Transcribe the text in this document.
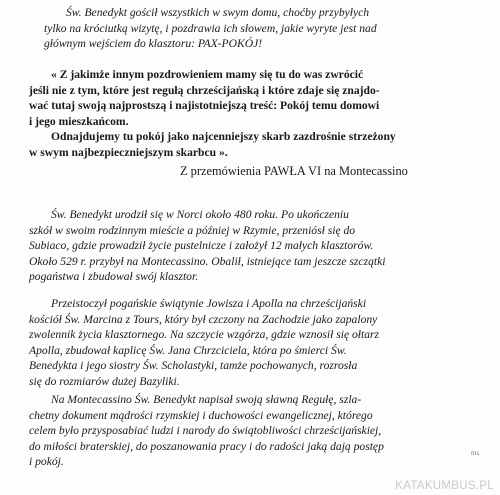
Św. Benedykt gościł wszystkich w swym domu, choćby przybyłych
tylko na króciutką wizytę, i pozdrawia ich słowem, jakie wyryte jest nad
głównym wejściem do klasztoru: PAX-POKÓJ!

« Z jakimże innym pozdrowieniem mamy się tu do was zwrócić
jeśli nie z tym, które jest regułą chrześcijańską i które zdaje się znajdo-
wać tutaj swoją najprostszą i najistotniejszą treść: Pokój temu domowi
i jego mieszkańcom.
Odnajdujemy tu pokój jako najcenniejszy skarb zazdrośnie strzeżony
w swym najbezpieczniejszym skarbcu ».

Z przemówienia PAWŁA VI na Montecassino

Św. Benedykt urodził się w Norci około 480 roku. Po ukończeniu
szkół w swoim rodzinnym mieście a później w Rzymie, przeniósł się do
Subiaco, gdzie prowadził życie pustelnicze i założył 12 małych klasztorów.
Około 529 r. przybył na Montecassino. Obalił, istniejące tam jeszcze szczątki
pogaństwa i zbudował swój klasztor.

Przeistoczył pogańskie świątynie Jowisza i Apolla na chrześcijański
kościół Św. Marcina z Tours, który był czczony na Zachodzie jako zapalony
zwolennik życia klasztornego. Na szczycie wzgórza, gdzie wznosił się ołtarz
Apolla, zbudował kaplicę Św. Jana Chrzciciela, która po śmierci Św.
Benedykta i jego siostry Św. Scholastyki, tamże pochowanych, rozrosła
się do rozmiarów dużej Bazyliki.

Na Montecassino Św. Benedykt napisał swoją sławną Regułę, szla-
chetny dokument mądrości rzymskiej i duchowości ewangelicznej, którego
celem było przysposabiać ludzi i narody do świątobliwości chrześcijańskiej,
do miłości braterskiej, do poszanowania pracy i do radości jaką dają postęp
i pokój.

ms
KATAKUMBUS.PL
